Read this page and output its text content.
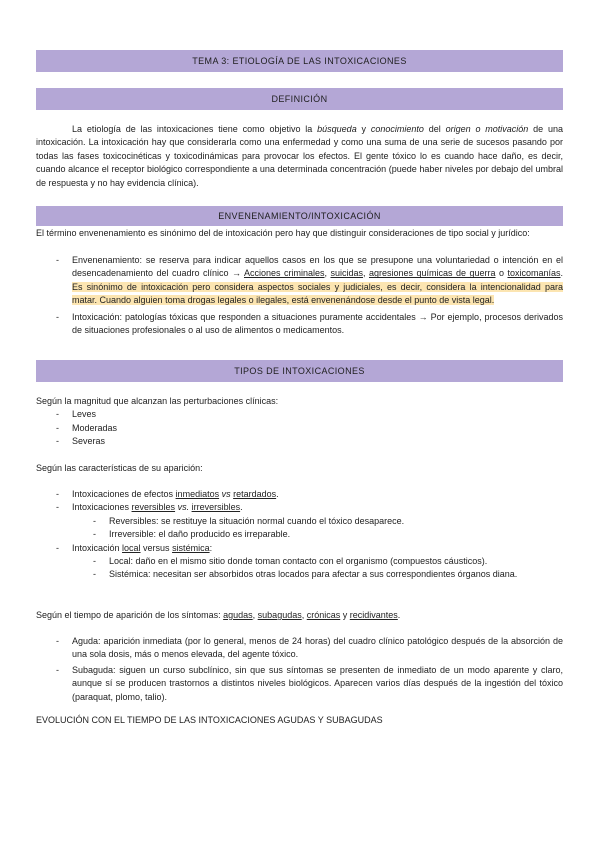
TEMA 3: ETIOLOGÍA DE LAS INTOXICACIONES
DEFINICIÓN
La etiología de las intoxicaciones tiene como objetivo la búsqueda y conocimiento del origen o motivación de una intoxicación. La intoxicación hay que considerarla como una enfermedad y como una suma de una serie de sucesos pasando por todas las fases toxicocinéticas y toxicodinámicas para provocar los efectos. El gente tóxico lo es cuando hace daño, es decir, cuando alcance el receptor biológico correspondiente a una determinada concentración (puede haber niveles por debajo del umbral de respuesta y no hay evidencia clínica).
ENVENENAMIENTO/INTOXICACIÓN
El término envenenamiento es sinónimo del de intoxicación pero hay que distinguir consideraciones de tipo social y jurídico:
- Envenenamiento: se reserva para indicar aquellos casos en los que se presupone una voluntariedad o intención en el desencadenamiento del cuadro clínico → Acciones criminales, suicidas, agresiones químicas de guerra o toxicomanías. Es sinónimo de intoxicación pero considera aspectos sociales y judiciales, es decir, considera la intencionalidad para matar. Cuando alguien toma drogas legales o ilegales, está envenenándose desde el punto de vista legal.
- Intoxicación: patologías tóxicas que responden a situaciones puramente accidentales → Por ejemplo, procesos derivados de situaciones profesionales o al uso de alimentos o medicamentos.
TIPOS DE INTOXICACIONES
Según la magnitud que alcanzan las perturbaciones clínicas:
- Leves
- Moderadas
- Severas
Según las características de su aparición:
- Intoxicaciones de efectos inmediatos vs retardados.
- Intoxicaciones reversibles vs. irreversibles.
- Reversibles: se restituye la situación normal cuando el tóxico desaparece.
- Irreversible: el daño producido es irreparable.
- Intoxicación local versus sistémica:
- Local: daño en el mismo sitio donde toman contacto con el organismo (compuestos cáusticos).
- Sistémica: necesitan ser absorbidos otras locados para afectar a sus correspondientes órganos diana.
Según el tiempo de aparición de los síntomas: agudas, subagudas, crónicas y recidivantes.
- Aguda: aparición inmediata (por lo general, menos de 24 horas) del cuadro clínico patológico después de la absorción de una sola dosis, más o menos elevada, del agente tóxico.
- Subaguda: siguen un curso subclínico, sin que sus síntomas se presenten de inmediato de un modo aparente y claro, aunque sí se producen trastornos a distintos niveles biológicos. Aparecen varios días después de la ingestión del tóxico (paraquat, plomo, talio).
EVOLUCIÓN CON EL TIEMPO DE LAS INTOXICACIONES AGUDAS Y SUBAGUDAS
